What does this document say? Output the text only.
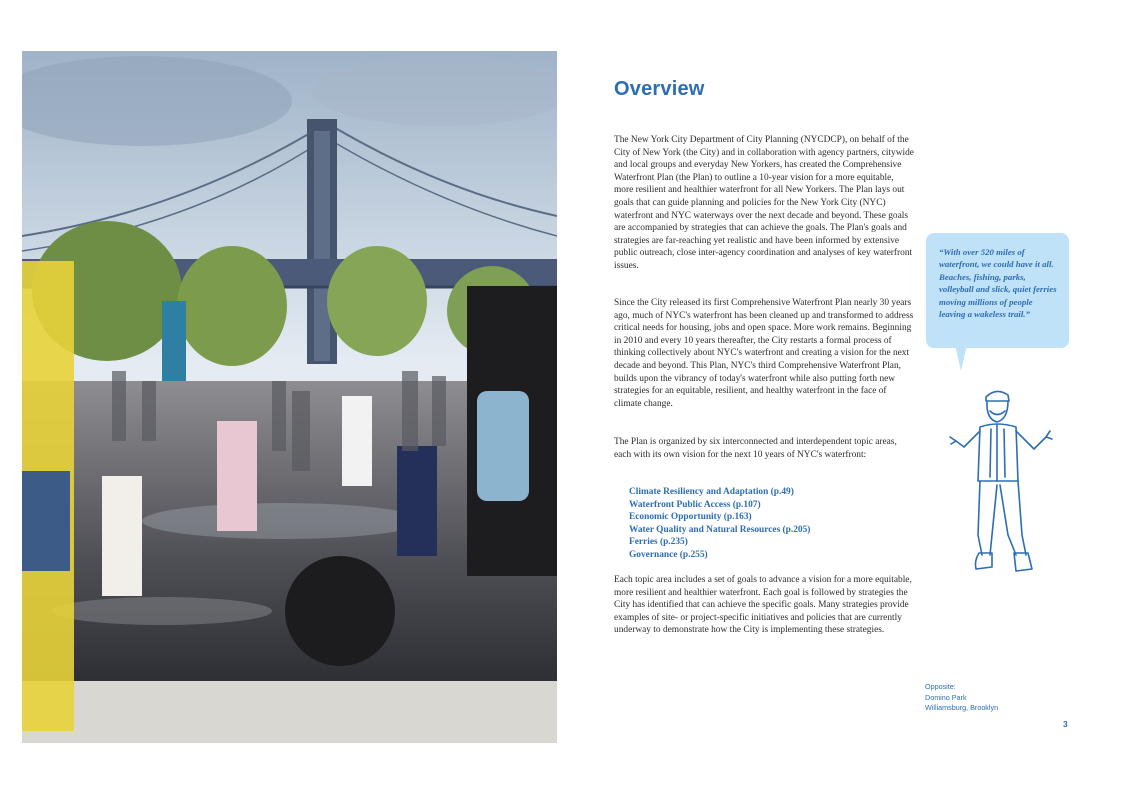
Overview

The New York City Department of City Planning (NYCDCP), on behalf of the City of New York (the City) and in collaboration with agency partners, citywide and local groups and everyday New Yorkers, has created the Comprehensive Waterfront Plan (the Plan) to outline a 10-year vision for a more equitable, more resilient and healthier waterfront for all New Yorkers. The Plan lays out goals that can guide planning and policies for the New York City (NYC) waterfront and NYC waterways over the next decade and beyond. These goals are accompanied by strategies that can achieve the goals. The Plan's goals and strategies are far-reaching yet realistic and have been informed by extensive public outreach, close inter-agency coordination and analyses of key waterfront issues.

Since the City released its first Comprehensive Waterfront Plan nearly 30 years ago, much of NYC's waterfront has been cleaned up and transformed to address critical needs for housing, jobs and open space. More work remains. Beginning in 2010 and every 10 years thereafter, the City restarts a formal process of thinking collectively about NYC's waterfront and creating a vision for the next decade and beyond. This Plan, NYC's third Comprehensive Waterfront Plan, builds upon the vibrancy of today's waterfront while also putting forth new strategies for an equitable, resilient, and healthy waterfront in the face of climate change.

The Plan is organized by six interconnected and interdependent topic areas, each with its own vision for the next 10 years of NYC's waterfront:

Climate Resiliency and Adaptation (p.49)
Waterfront Public Access (p.107)
Economic Opportunity (p.163)
Water Quality and Natural Resources (p.205)
Ferries (p.235)
Governance (p.255)

Each topic area includes a set of goals to advance a vision for a more equitable, more resilient and healthier waterfront. Each goal is followed by strategies the City has identified that can achieve the specific goals. Many strategies provide examples of site- or project-specific initiatives and policies that are currently underway to demonstrate how the City is implementing these strategies.

“With over 520 miles of waterfront, we could have it all. Beaches, fishing, parks, volleyball and slick, quiet ferries moving millions of people leaving a wakeless trail.”
Opposite:
Domino Park
Williamsburg, Brooklyn
3
